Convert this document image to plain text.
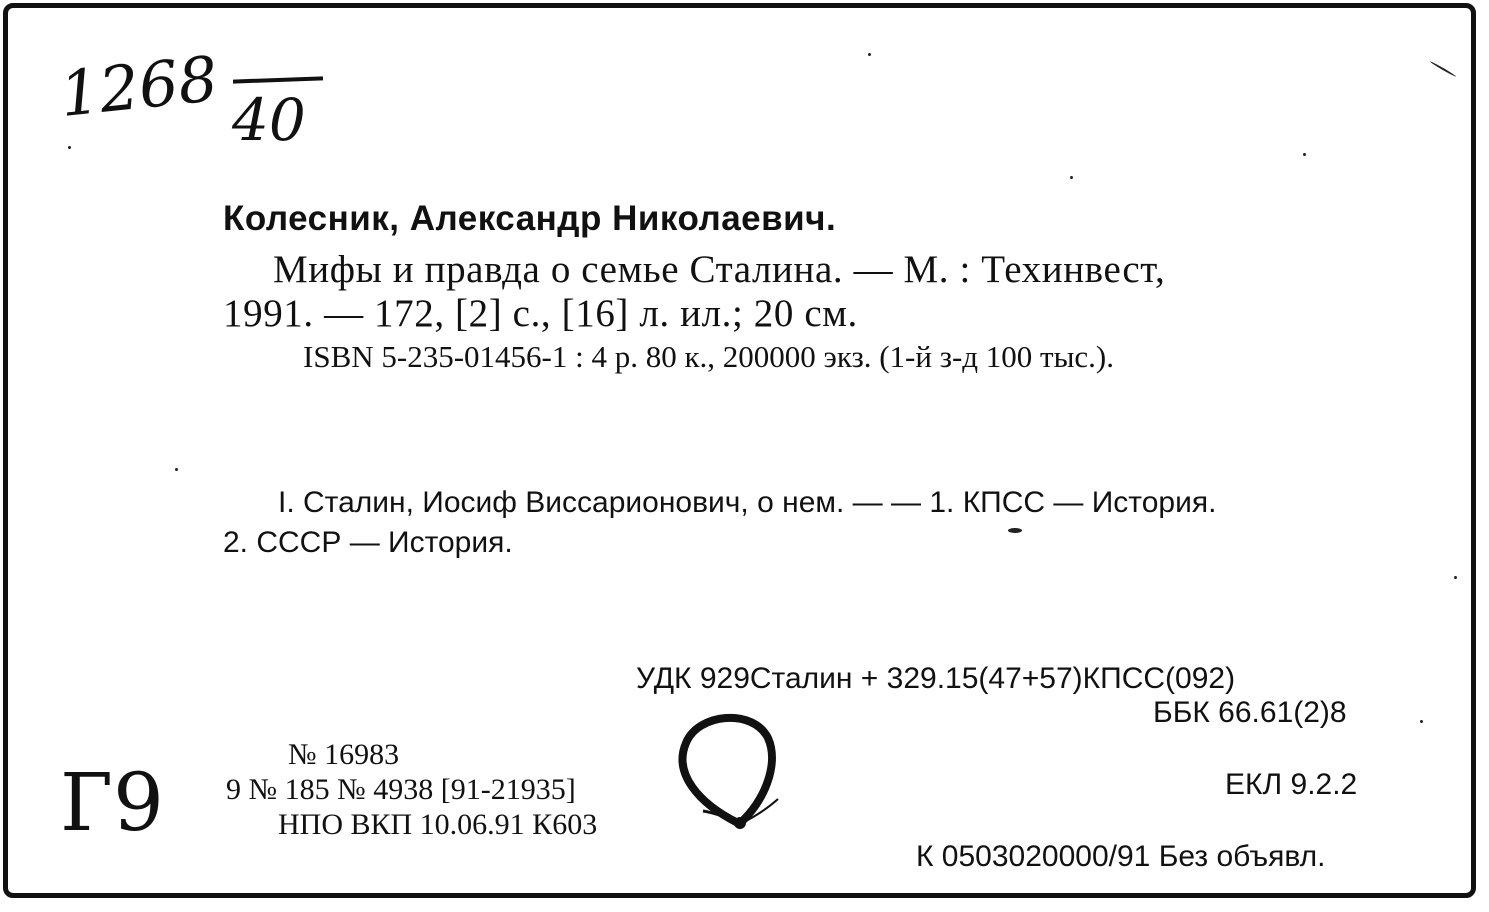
1268 40
Г9
Колесник, Александр Николаевич.
Мифы и правда о семье Сталина. — М. : Техинвест,
1991. — 172, [2] с., [16] л. ил.; 20 см.
ISBN 5-235-01456-1 : 4 р. 80 к., 200000 экз. (1-й з-д 100 тыс.).
I. Сталин, Иосиф Виссарионович, о нем. — — 1. КПСС — История.
2. СССР — История.
УДК 929Сталин + 329.15(47+57)КПСС(092)
ББК 66.61(2)8
ЕКЛ 9.2.2
№ 16983
9 № 185 № 4938 [91-21935]
НПО ВКП 10.06.91 К603
К 0503020000/91 Без объявл.
